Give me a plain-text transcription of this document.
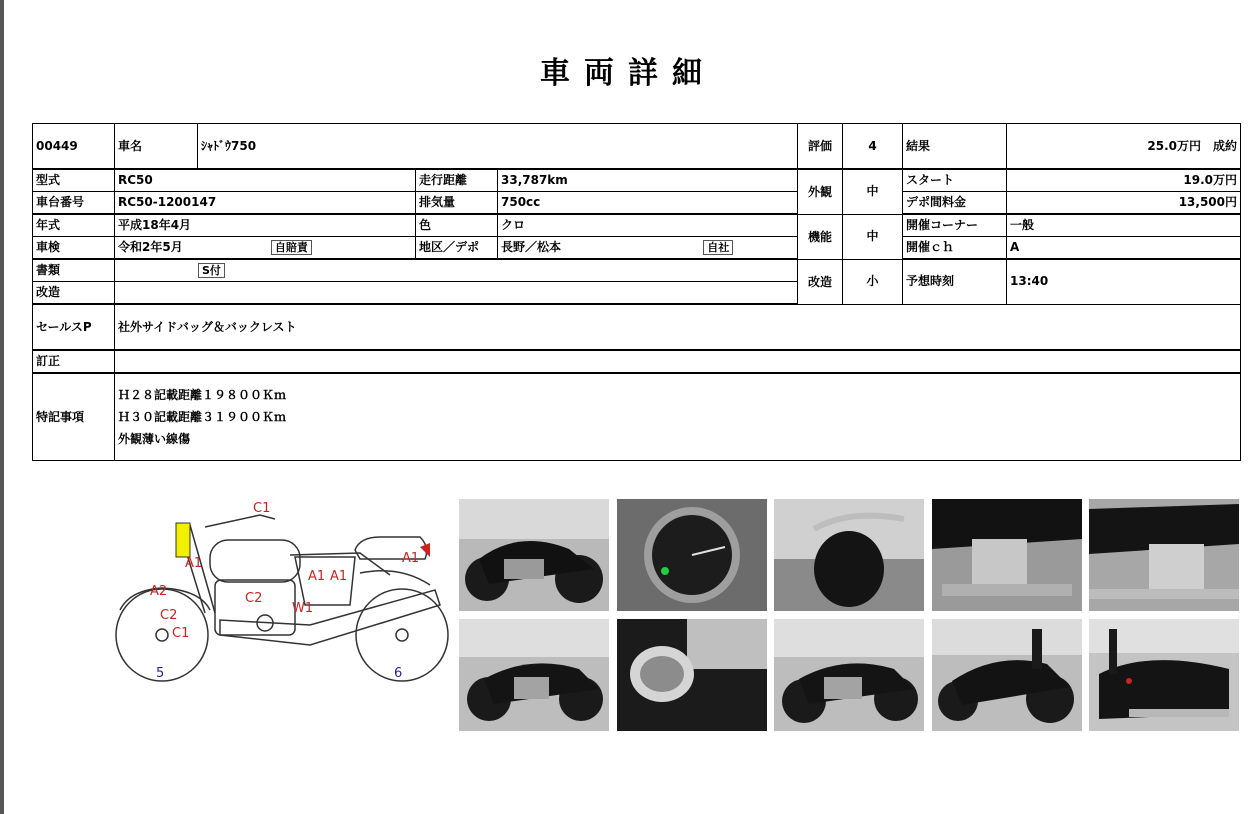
車両詳細
00449	車名	ｼｬﾄﾞｳ750			評価	4	結果	25.0万円　成約
型式	RC50		走行距離	33,787km	外観	中	スタート	19.0万円
車台番号	RC50-1200147		排気量	750cc			デポ間料金	13,500円
年式	平成18年4月		色	クロ	機能	中	開催コーナー	一般
車検	令和2年5月 自賠責		地区／デポ	長野／松本 自社			開催ｃｈ	A
書類	S付				改造	小	予想時刻	13:40
改造								
セールスP	社外サイドバッグ＆バックレスト							
訂正								
特記事項	Ｈ２８記載距離１９８００Ｋｍ
Ｈ３０記載距離３１９００Ｋｍ
外観薄い線傷							
C1
A1
A2
C2
C1
C2
W1
A1 A1
A1
5	6
